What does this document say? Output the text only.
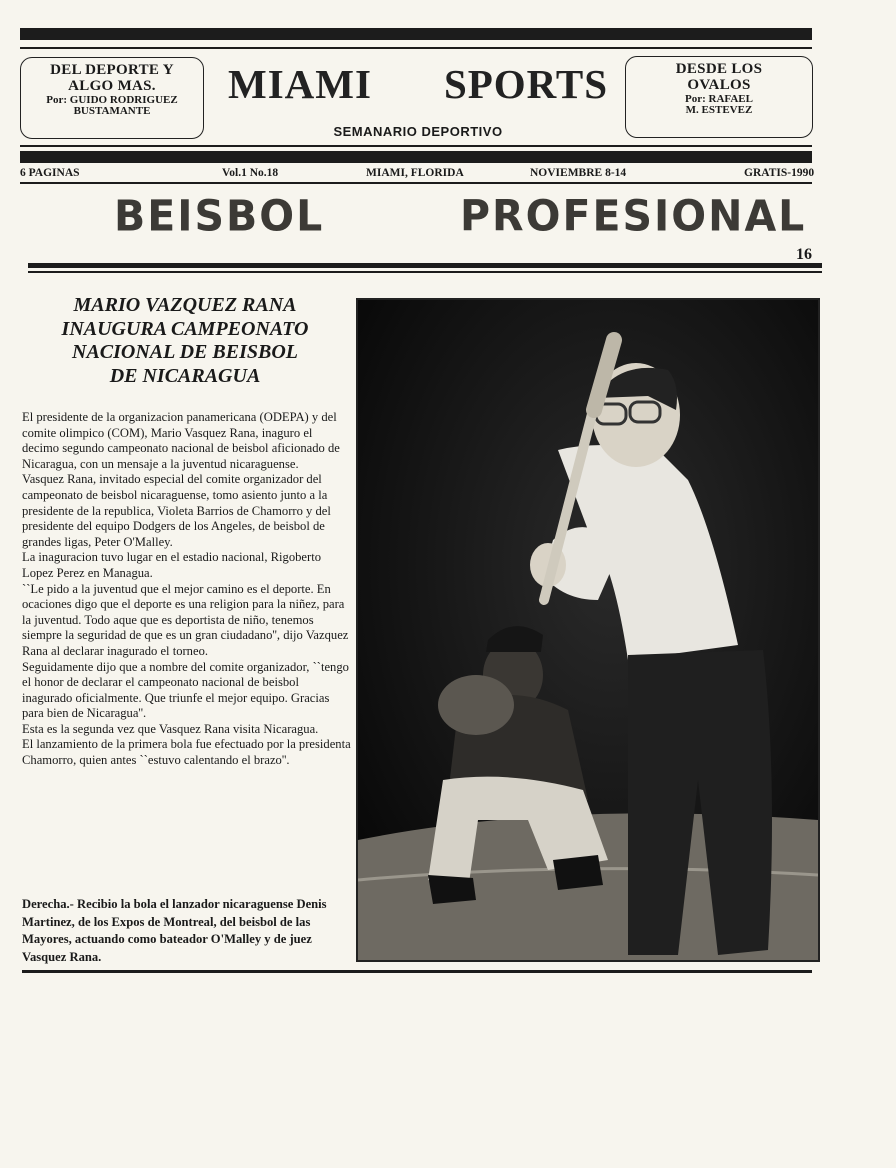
DEL DEPORTE Y
ALGO MAS.
Por: GUIDO RODRIGUEZ
BUSTAMANTE
MIAMI SPORTS
SEMANARIO DEPORTIVO
DESDE LOS
OVALOS
Por: RAFAEL
M. ESTEVEZ
6 PAGINAS	Vol.1 No.18	MIAMI, FLORIDA	NOVIEMBRE 8-14	GRATIS-1990
BEISBOL	PROFESIONAL
16
MARIO VAZQUEZ RANA
INAUGURA CAMPEONATO
NACIONAL DE BEISBOL
DE NICARAGUA

El presidente de la organizacion panamericana (ODEPA) y del comite olimpico (COM), Mario Vasquez Rana, inaguro el decimo segundo campeonato nacional de beisbol aficionado de Nicaragua, con un mensaje a la juventud nicaraguense.

Vasquez Rana, invitado especial del comite organizador del campeonato de beisbol nicaraguense, tomo asiento junto a la presidente de la republica, Violeta Barrios de Chamorro y del presidente del equipo Dodgers de los Angeles, de beisbol de grandes ligas, Peter O'Malley.

La inaguracion tuvo lugar en el estadio nacional, Rigoberto Lopez Perez en Managua.

``Le pido a la juventud que el mejor camino es el deporte. En ocaciones digo que el deporte es una religion para la niñez, para la juventud. Todo aque que es deportista de niño, tenemos siempre la seguridad de que es un gran ciudadano'', dijo Vazquez Rana al declarar inagurado el torneo.

Seguidamente dijo que a nombre del comite organizador, ``tengo el honor de declarar el campeonato nacional de beisbol inagurado oficialmente. Que triunfe el mejor equipo. Gracias para bien de Nicaragua''.

Esta es la segunda vez que Vasquez Rana visita Nicaragua.

El lanzamiento de la primera bola fue efectuado por la presidenta Chamorro, quien antes ``estuvo calentando el brazo''.

Derecha.- Recibio la bola el lanzador nicaraguense Denis Martinez, de los Expos de Montreal, del beisbol de las Mayores, actuando como bateador O'Malley y de juez Vasquez Rana.
